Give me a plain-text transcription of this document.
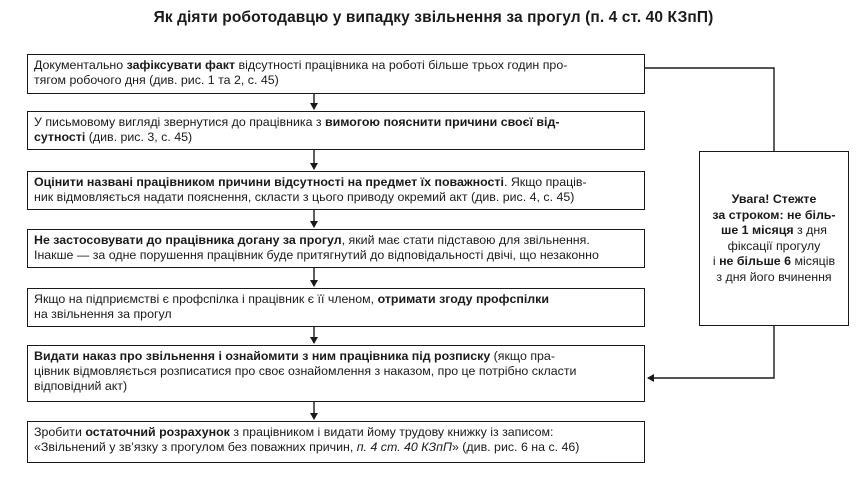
Як діяти роботодавцю у випадку звільнення за прогул (п. 4 ст. 40 КЗпП)
Документально зафіксувати факт відсутності працівника на роботі більше трьох годин про-
тягом робочого дня (див. рис. 1 та 2, с. 45)
У письмовому вигляді звернутися до працівника з вимогою пояснити причини своєї від-
сутності (див. рис. 3, с. 45)
Оцінити названі працівником причини відсутності на предмет їх поважності. Якщо праців-
ник відмовляється надати пояснення, скласти з цього приводу окремий акт (див. рис. 4, с. 45)
Не застосовувати до працівника догану за прогул, який має стати підставою для звільнення.
Інакше — за одне порушення працівник буде притягнутий до відповідальності двічі, що незаконно
Якщо на підприємстві є профспілка і працівник є її членом, отримати згоду профспілки
на звільнення за прогул
Видати наказ про звільнення і ознайомити з ним працівника під розписку (якщо пра-
цівник відмовляється розписатися про своє ознайомлення з наказом, про це потрібно скласти
відповідний акт)
Зробити остаточний розрахунок з працівником і видати йому трудову книжку із записом:
«Звільнений у зв’язку з прогулом без поважних причин, п. 4 ст. 40 КЗпП» (див. рис. 6 на с. 46)
Увага! Стежте
за строком: не біль-
ше 1 місяця з дня
фіксації прогулу
і не більше 6 місяців
з дня його вчинення
